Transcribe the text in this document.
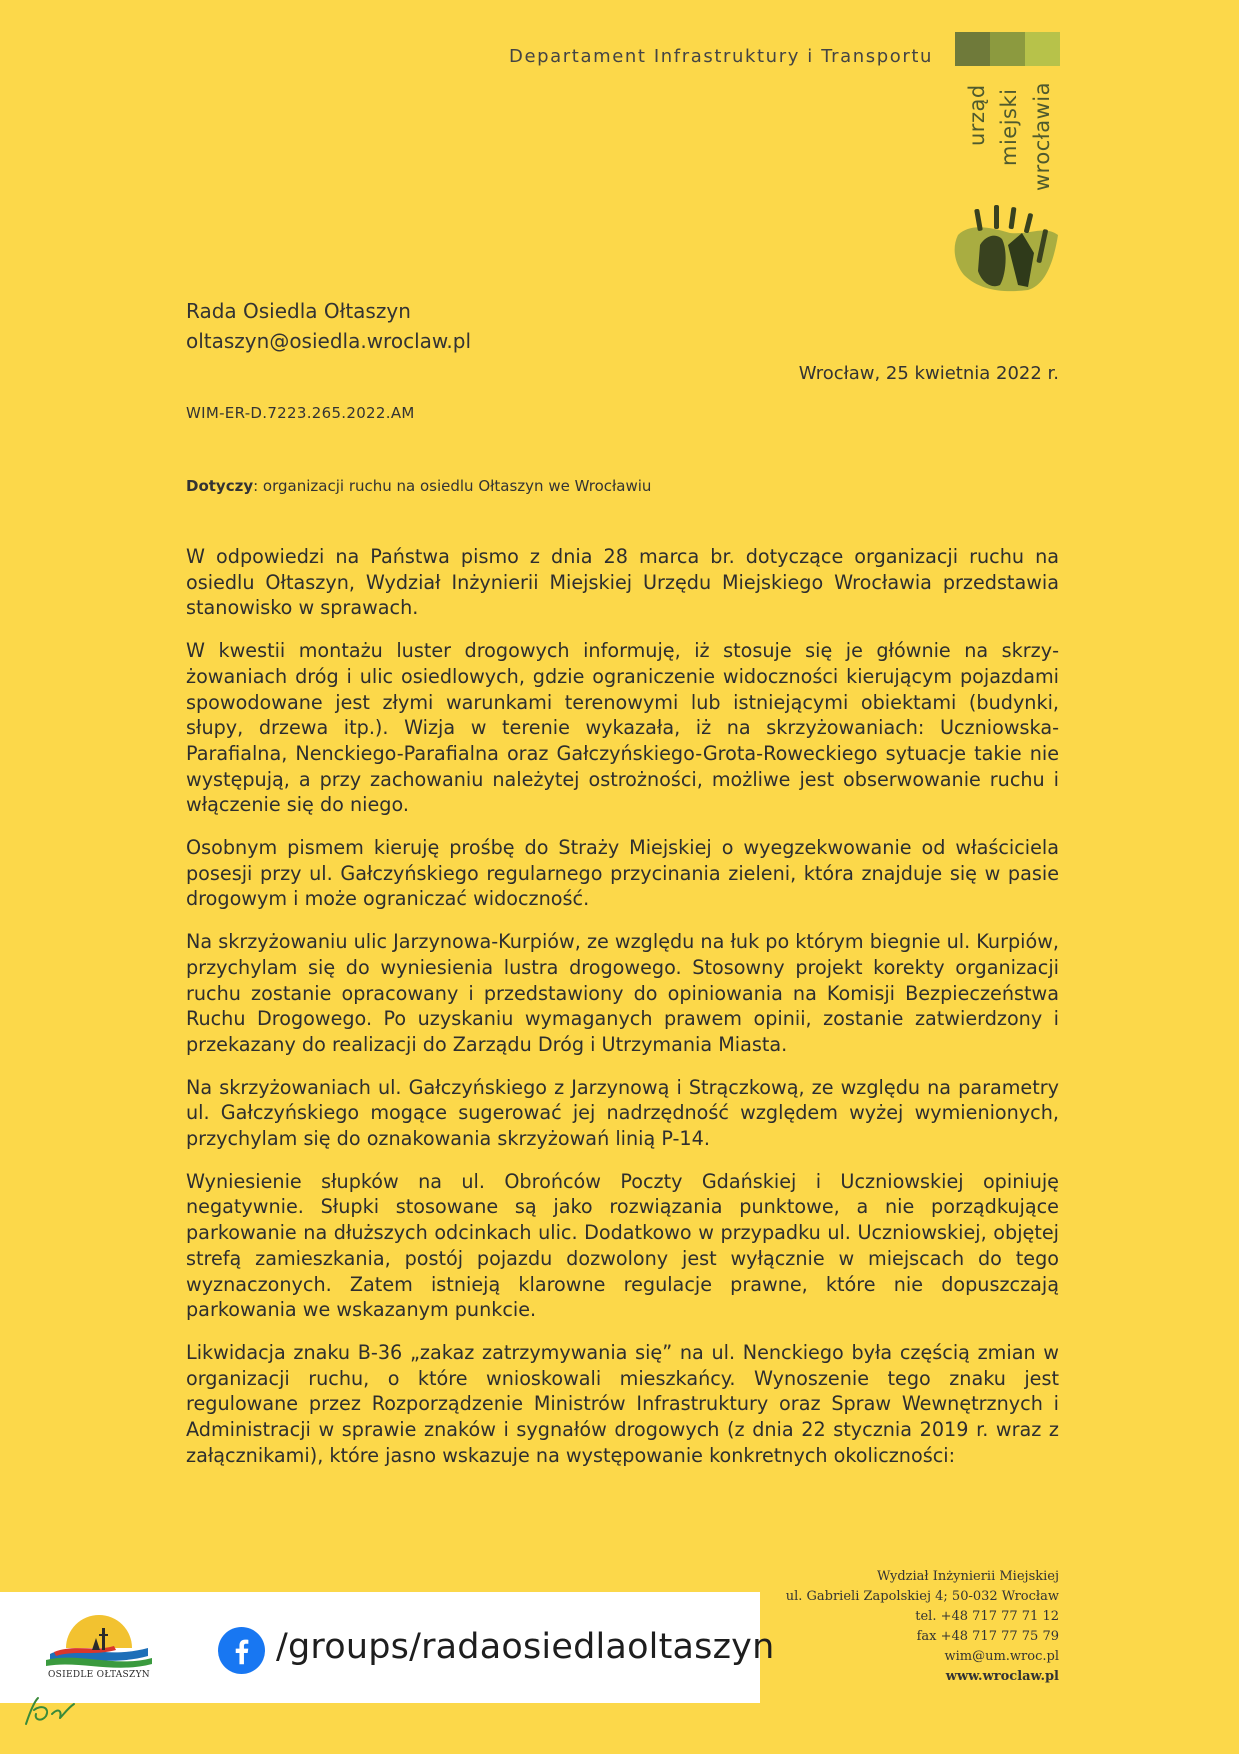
Departament Infrastruktury i Transportu
urząd miejski wrocławia
Rada Osiedla Ołtaszyn
oltaszyn@osiedla.wroclaw.pl
Wrocław, 25 kwietnia 2022 r.
WIM-ER-D.7223.265.2022.AM
Dotyczy: organizacji ruchu na osiedlu Ołtaszyn we Wrocławiu

W odpowiedzi na Państwa pismo z dnia 28 marca br. dotyczące organizacji ruchu na osiedlu Ołtaszyn, Wydział Inżynierii Miejskiej Urzędu Miejskiego Wrocławia przedstawia stanowisko w sprawach.

W kwestii montażu luster drogowych informuję, iż stosuje się je głównie na skrzyżowaniach dróg i ulic osiedlowych, gdzie ograniczenie widoczności kierującym pojazdami spowodowane jest złymi warunkami terenowymi lub istniejącymi obiektami (budynki, słupy, drzewa itp.). Wizja w terenie wykazała, iż na skrzyżowaniach: Uczniowska-Parafialna, Nenckiego-Parafialna oraz Gałczyńskiego-Grota-Roweckiego sytuacje takie nie występują, a przy zachowaniu należytej ostrożności, możliwe jest obserwowanie ruchu i włączenie się do niego.

Osobnym pismem kieruję prośbę do Straży Miejskiej o wyegzekwowanie od właściciela posesji przy ul. Gałczyńskiego regularnego przycinania zieleni, która znajduje się w pasie drogowym i może ograniczać widoczność.

Na skrzyżowaniu ulic Jarzynowa-Kurpiów, ze względu na łuk po którym biegnie ul. Kurpiów, przychylam się do wyniesienia lustra drogowego. Stosowny projekt korekty organizacji ruchu zostanie opracowany i przedstawiony do opiniowania na Komisji Bezpieczeństwa Ruchu Drogowego. Po uzyskaniu wymaganych prawem opinii, zostanie zatwierdzony i przekazany do realizacji do Zarządu Dróg i Utrzymania Miasta.

Na skrzyżowaniach ul. Gałczyńskiego z Jarzynową i Strączkową, ze względu na parametry ul. Gałczyńskiego mogące sugerować jej nadrzędność względem wyżej wymienionych, przychylam się do oznakowania skrzyżowań linią P-14.

Wyniesienie słupków na ul. Obrońców Poczty Gdańskiej i Uczniowskiej opiniuję negatywnie. Słupki stosowane są jako rozwiązania punktowe, a nie porządkujące parkowanie na dłuższych odcinkach ulic. Dodatkowo w przypadku ul. Uczniowskiej, objętej strefą zamieszkania, postój pojazdu dozwolony jest wyłącznie w miejscach do tego wyznaczonych. Zatem istnieją klarowne regulacje prawne, które nie dopuszczają parkowania we wskazanym punkcie.

Likwidacja znaku B-36 „zakaz zatrzymywania się” na ul. Nenckiego była częścią zmian w organizacji ruchu, o które wnioskowali mieszkańcy. Wynoszenie tego znaku jest regulowane przez Rozporządzenie Ministrów Infrastruktury oraz Spraw Wewnętrznych i Administracji w sprawie znaków i sygnałów drogowych (z dnia 22 stycznia 2019 r. wraz z załącznikami), które jasno wskazuje na występowanie konkretnych okoliczności:

Wydział Inżynierii Miejskiej
ul. Gabrieli Zapolskiej 4; 50-032 Wrocław
tel. +48 717 77 71 12
fax +48 717 77 75 79
wim@um.wroc.pl
www.wroclaw.pl
OSIEDLE OŁTASZYN
/groups/radaosiedlaoltaszyn
